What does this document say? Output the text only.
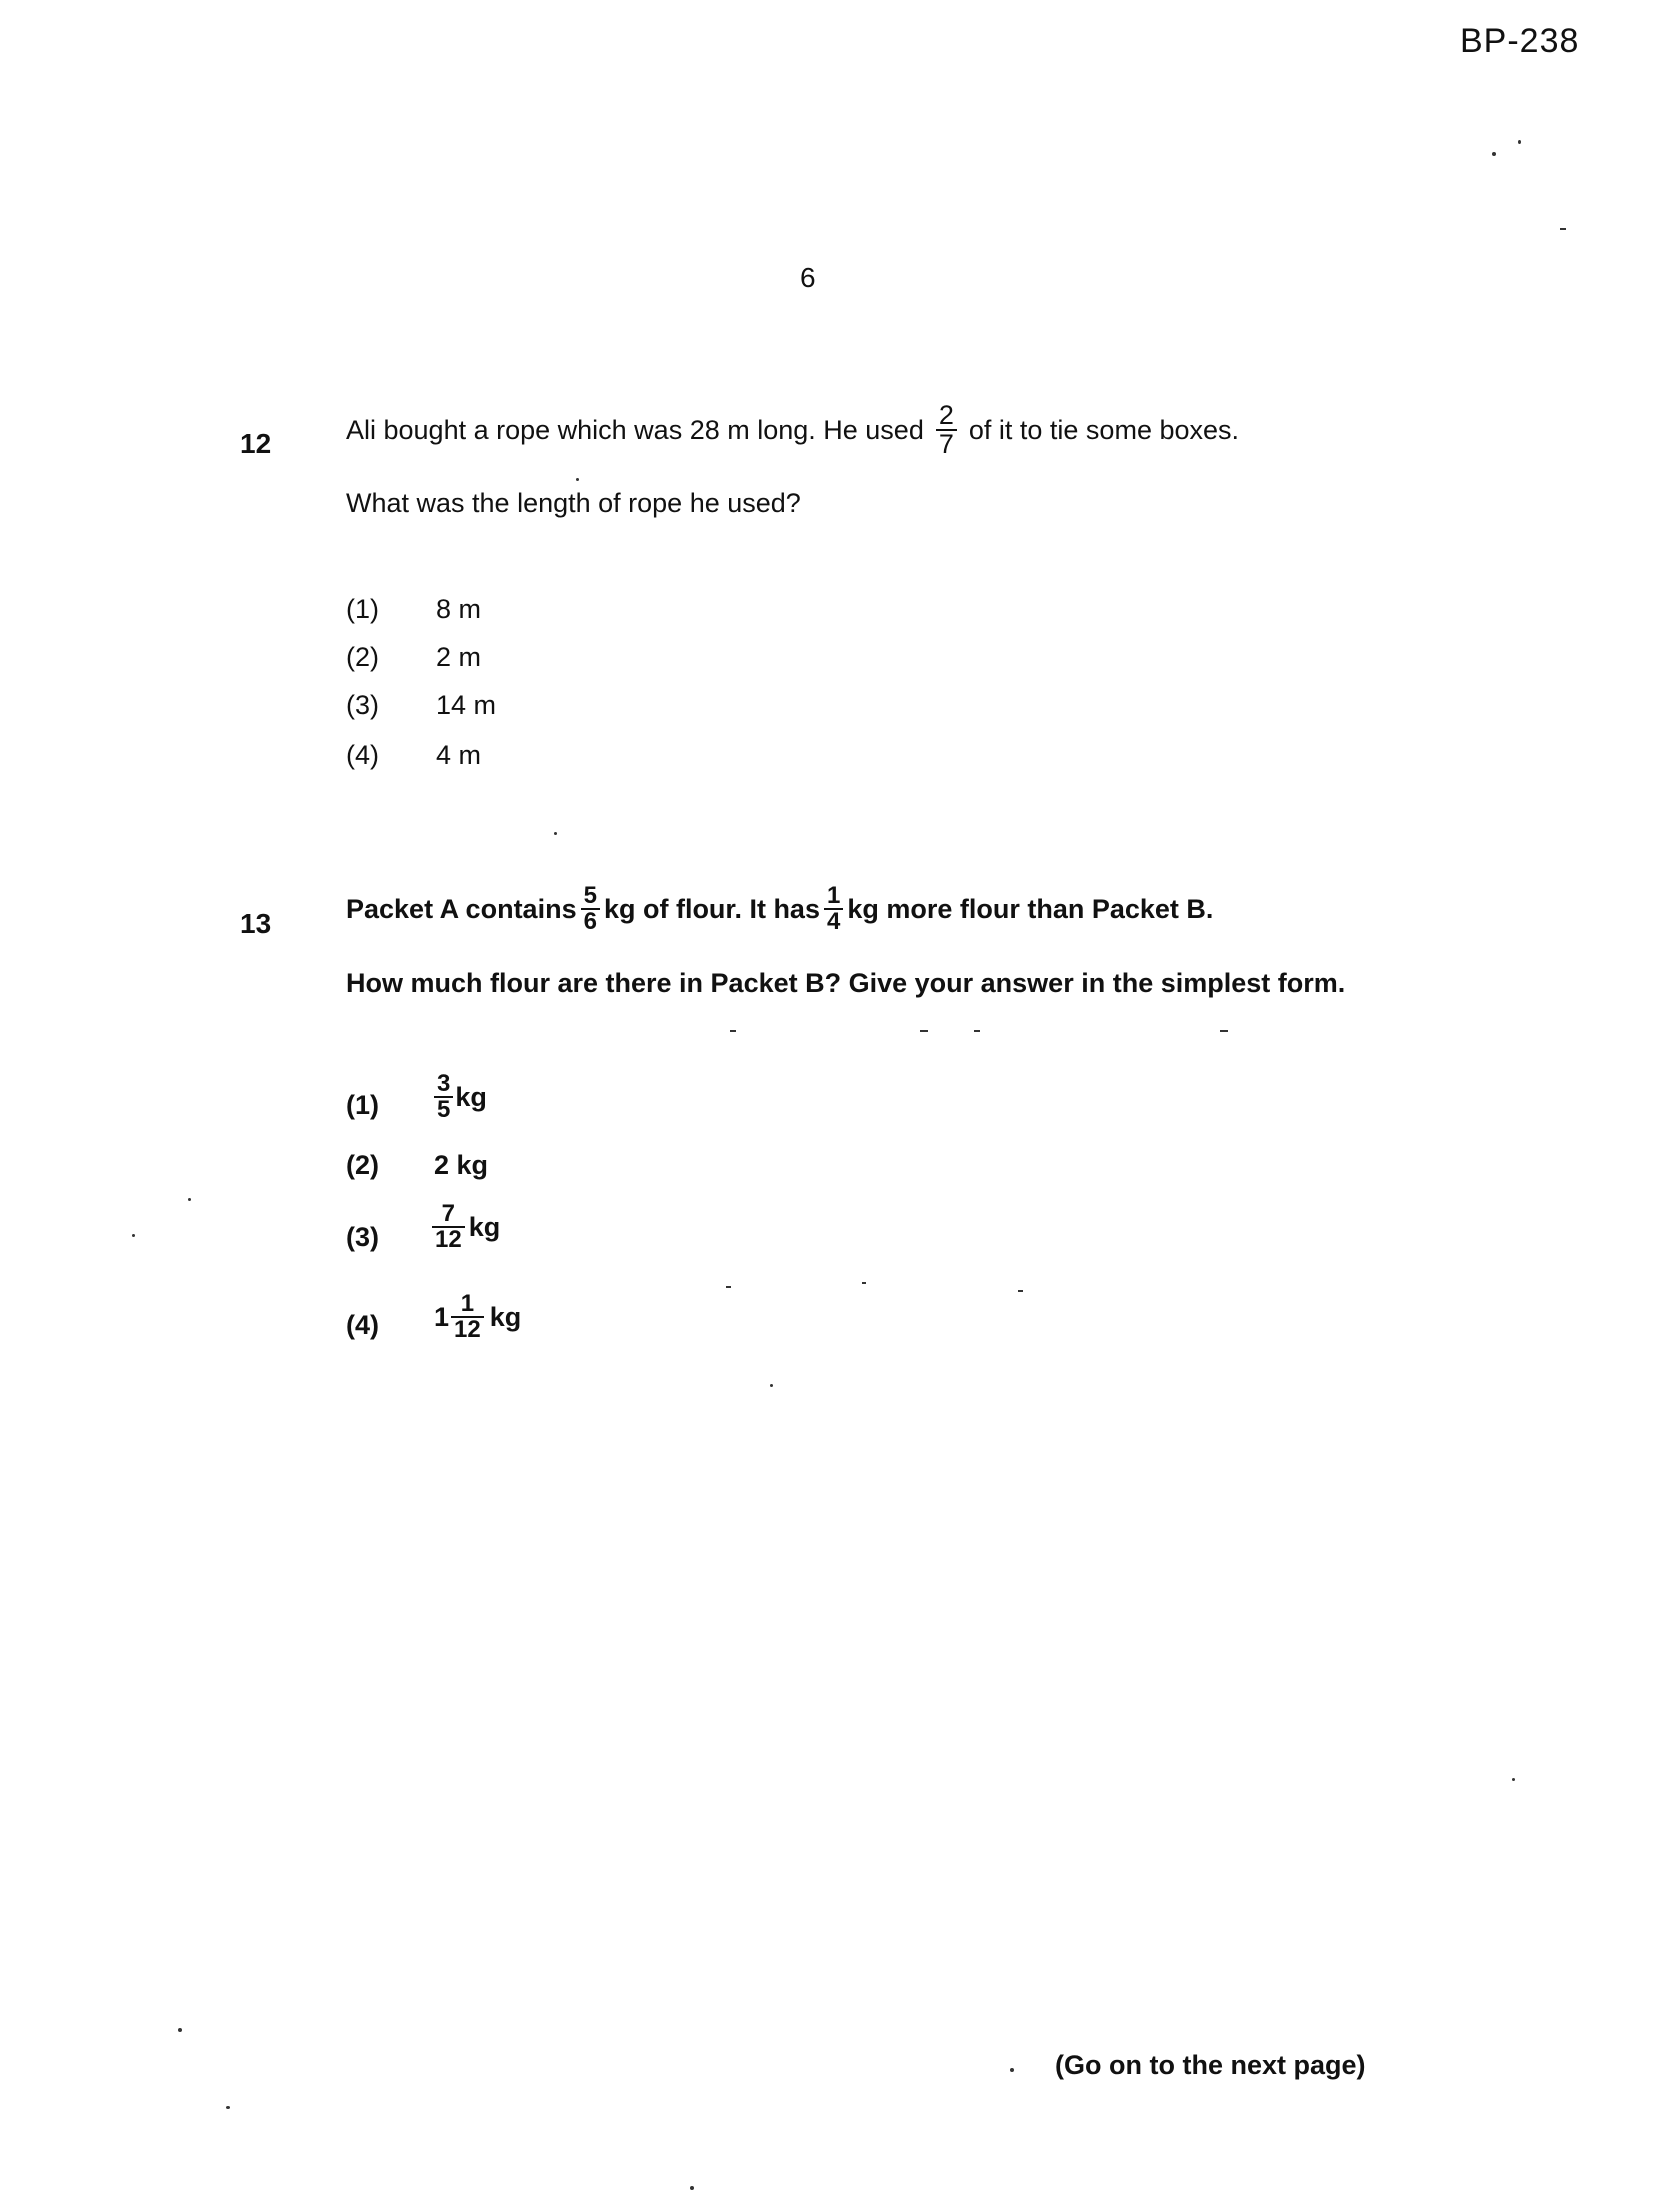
BP-238
6
12	Ali bought a rope which was 28 m long. He used $\frac{2}{7}$ of it to tie some boxes.
What was the length of rope he used?
(1) 8 m
(2) 2 m
(3) 14 m
(4) 4 m
13	Packet A contains $\frac{5}{6}$ kg of flour. It has $\frac{1}{4}$ kg more flour than Packet B.
How much flour are there in Packet B? Give your answer in the simplest form.
$(1) \frac{3}{5}$ kg
(2) 2 kg
$(3) \frac{7}{12}$ kg
(4) $1 \frac{1}{12}$ kg
(Go on to the next page)
